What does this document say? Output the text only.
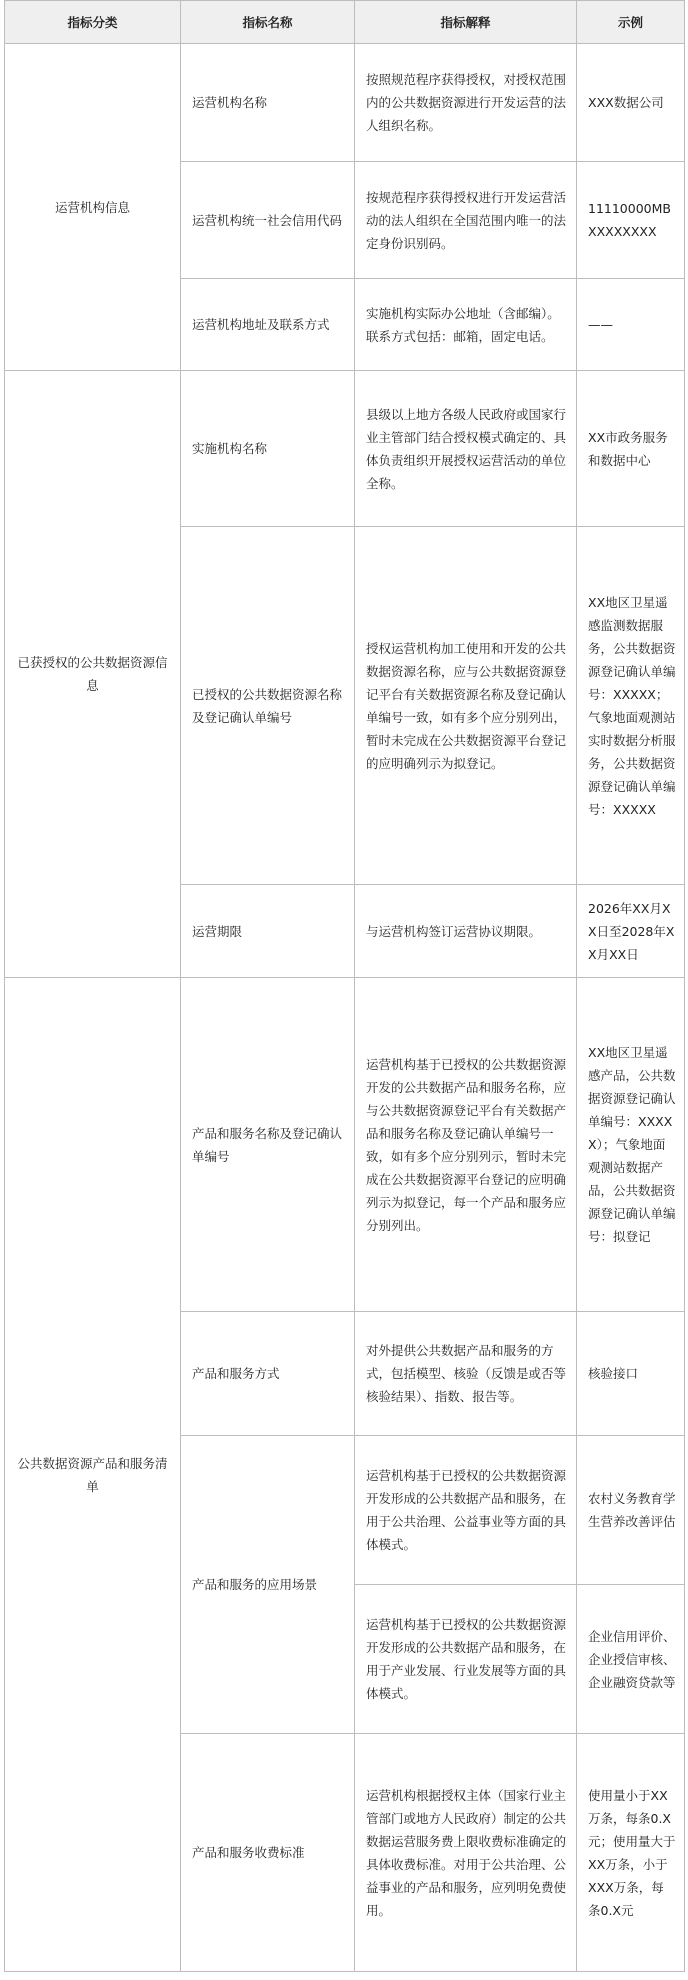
指标分类	指标名称	指标解释	示例
运营机构信息	运营机构名称	按照规范程序获得授权，对授权范围内的公共数据资源进行开发运营的法人组织名称。	XXX数据公司
	运营机构统一社会信用代码	按规范程序获得授权进行开发运营活动的法人组织在全国范围内唯一的法定身份识别码。	11110000MBXXXXXXXX
	运营机构地址及联系方式	实施机构实际办公地址（含邮编）。联系方式包括：邮箱，固定电话。	——
已获授权的公共数据资源信息	实施机构名称	县级以上地方各级人民政府或国家行业主管部门结合授权模式确定的、具体负责组织开展授权运营活动的单位全称。	XX市政务服务和数据中心
	已授权的公共数据资源名称及登记确认单编号	授权运营机构加工使用和开发的公共数据资源名称，应与公共数据资源登记平台有关数据资源名称及登记确认单编号一致，如有多个应分别列出，暂时未完成在公共数据资源平台登记的应明确列示为拟登记。	XX地区卫星遥感监测数据服务，公共数据资源登记确认单编号：XXXXX；气象地面观测站实时数据分析服务，公共数据资源登记确认单编号：XXXXX
	运营期限	与运营机构签订运营协议期限。	2026年XX月XX日至2028年XX月XX日
公共数据资源产品和服务清单	产品和服务名称及登记确认单编号	运营机构基于已授权的公共数据资源开发的公共数据产品和服务名称，应与公共数据资源登记平台有关数据产品和服务名称及登记确认单编号一致，如有多个应分别列示，暂时未完成在公共数据资源平台登记的应明确列示为拟登记，每一个产品和服务应分别列出。	XX地区卫星遥感产品，公共数据资源登记确认单编号：XXXXX）；气象地面观测站数据产品，公共数据资源登记确认单编号：拟登记
	产品和服务方式	对外提供公共数据产品和服务的方式，包括模型、核验（反馈是或否等核验结果）、指数、报告等。	核验接口
	产品和服务的应用场景	运营机构基于已授权的公共数据资源开发形成的公共数据产品和服务，在用于公共治理、公益事业等方面的具体模式。	农村义务教育学生营养改善评估
		运营机构基于已授权的公共数据资源开发形成的公共数据产品和服务，在用于产业发展、行业发展等方面的具体模式。	企业信用评价、企业授信审核、企业融资贷款等
	产品和服务收费标准	运营机构根据授权主体（国家行业主管部门或地方人民政府）制定的公共数据运营服务费上限收费标准确定的具体收费标准。对用于公共治理、公益事业的产品和服务，应列明免费使用。	使用量小于XX万条，每条0.X元；使用量大于XX万条，小于XXX万条，每条0.X元
